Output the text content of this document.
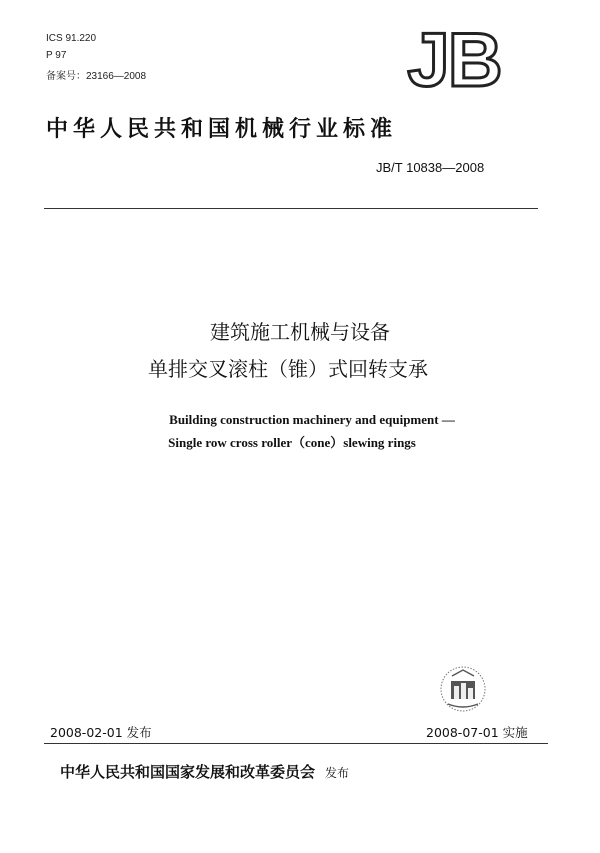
ICS 91.220
P 97
备案号：23166—2008	JB
中华人民共和国机械行业标准
JB/T 10838—2008
建筑施工机械与设备
单排交叉滚柱（锥）式回转支承
Building construction machinery and equipment —
Single row cross roller（cone）slewing rings
2008-02-01 发布	2008-07-01 实施
中华人民共和国国家发展和改革委员会 发布
